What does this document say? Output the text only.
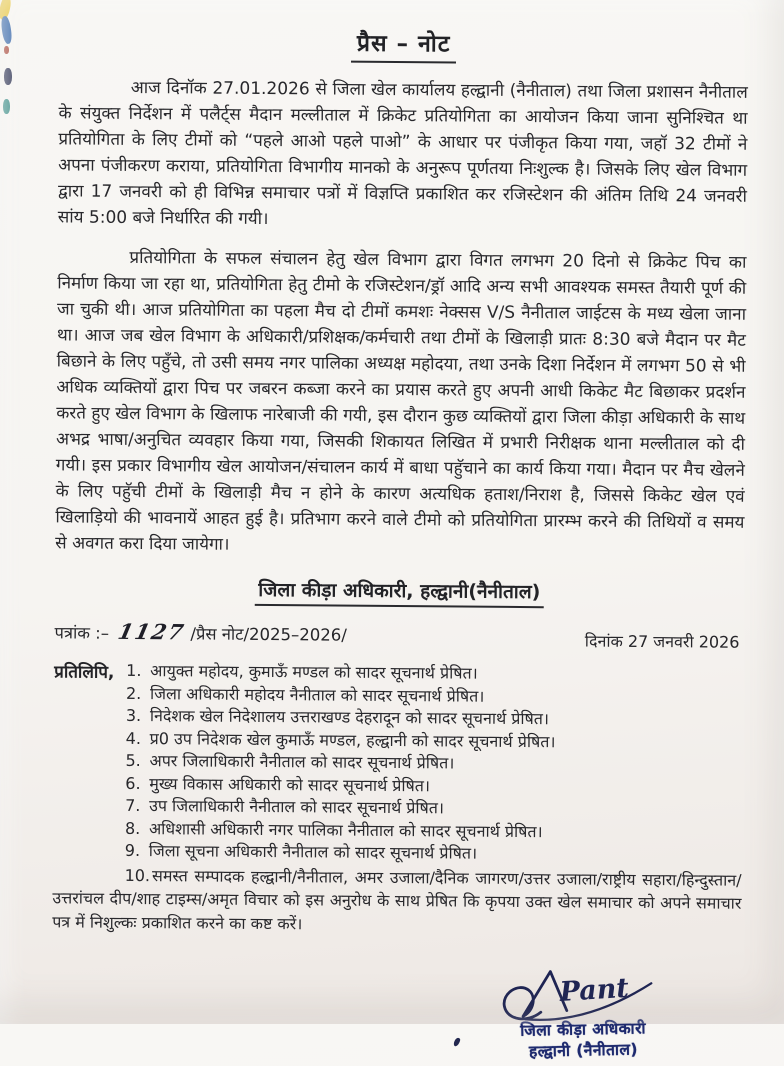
प्रैस – नोट

आज दिनॉक 27.01.2026 से जिला खेल कार्यालय हल्द्वानी (नैनीताल) तथा जिला प्रशासन नैनीताल के संयुक्त निर्देशन में पलैर्ट्स मैदान मल्लीताल में क्रिकेट प्रतियोगिता का आयोजन किया जाना सुनिश्चित था प्रतियोगिता के लिए टीमों को “पहले आओ पहले पाओ” के आधार पर पंजीकृत किया गया, जहॉ 32 टीमों ने अपना पंजीकरण कराया, प्रतियोगिता विभागीय मानको के अनुरूप पूर्णतया निःशुल्क है। जिसके लिए खेल विभाग द्वारा 17 जनवरी को ही विभिन्न समाचार पत्रों में विज्ञप्ति प्रकाशित कर रजिस्टेशन की अंतिम तिथि 24 जनवरी सांय 5:00 बजे निर्धारित की गयी।

प्रतियोगिता के सफल संचालन हेतु खेल विभाग द्वारा विगत लगभग 20 दिनो से क्रिकेट पिच का निर्माण किया जा रहा था, प्रतियोगिता हेतु टीमो के रजिस्टेशन/ड्रॉ आदि अन्य सभी आवश्यक समस्त तैयारी पूर्ण की जा चुकी थी। आज प्रतियोगिता का पहला मैच दो टीमों कमशः नेक्सस V/S नैनीताल जाईटस के मध्य खेला जाना था। आज जब खेल विभाग के अधिकारी/प्रशिक्षक/कर्मचारी तथा टीमों के खिलाड़ी प्रातः 8:30 बजे मैदान पर मैट बिछाने के लिए पहुँचे, तो उसी समय नगर पालिका अध्यक्ष महोदया, तथा उनके दिशा निर्देशन में लगभग 50 से भी अधिक व्यक्तियों द्वारा पिच पर जबरन कब्जा करने का प्रयास करते हुए अपनी आधी किकेट मैट बिछाकर प्रदर्शन करते हुए खेल विभाग के खिलाफ नारेबाजी की गयी, इस दौरान कुछ व्यक्तियों द्वारा जिला कीड़ा अधिकारी के साथ अभद्र भाषा/अनुचित व्यवहार किया गया, जिसकी शिकायत लिखित में प्रभारी निरीक्षक थाना मल्लीताल को दी गयी। इस प्रकार विभागीय खेल आयोजन/संचालन कार्य में बाधा पहुॅचाने का कार्य किया गया। मैदान पर मैच खेलने के लिए पहुॅची टीमों के खिलाड़ी मैच न होने के कारण अत्यधिक हताश/निराश है, जिससे किकेट खेल एवं खिलाड़ियो की भावनायें आहत हुई है। प्रतिभाग करने वाले टीमो को प्रतियोगिता प्रारम्भ करने की तिथियों व समय से अवगत करा दिया जायेगा।

जिला कीड़ा अधिकारी, हल्द्वानी(नैनीताल)
पत्रांक :– 1127 /प्रैस नोट/2025–2026/	दिनांक 27 जनवरी 2026
प्रतिलिपि, 1. आयुक्त महोदय, कुमाऊँ मण्डल को सादर सूचनार्थ प्रेषित।
2. जिला अधिकारी महोदय नैनीताल को सादर सूचनार्थ प्रेषित।
3. निदेशक खेल निदेशालय उत्तराखण्ड देहरादून को सादर सूचनार्थ प्रेषित।
4. प्र0 उप निदेशक खेल कुमाऊँ मण्डल, हल्द्वानी को सादर सूचनार्थ प्रेषित।
5. अपर जिलाधिकारी नैनीताल को सादर सूचनार्थ प्रेषित।
6. मुख्य विकास अधिकारी को सादर सूचनार्थ प्रेषित।
7. उप जिलाधिकारी नैनीताल को सादर सूचनार्थ प्रेषित।
8. अधिशासी अधिकारी नगर पालिका नैनीताल को सादर सूचनार्थ प्रेषित।
9. जिला सूचना अधिकारी नैनीताल को सादर सूचनार्थ प्रेषित।

10. समस्त सम्पादक हल्द्वानी/नैनीताल, अमर उजाला/दैनिक जागरण/उत्तर उजाला/राष्ट्रीय सहारा/हिन्दुस्तान/ उत्तरांचल दीप/शाह टाइम्स/अमृत विचार को इस अनुरोध के साथ प्रेषित कि कृपया उक्त खेल समाचार को अपने समाचार पत्र में निशुल्कः प्रकाशित करने का कष्ट करें।

Pant
जिला कीड़ा अधिकारी
हल्द्वानी (नैनीताल)
